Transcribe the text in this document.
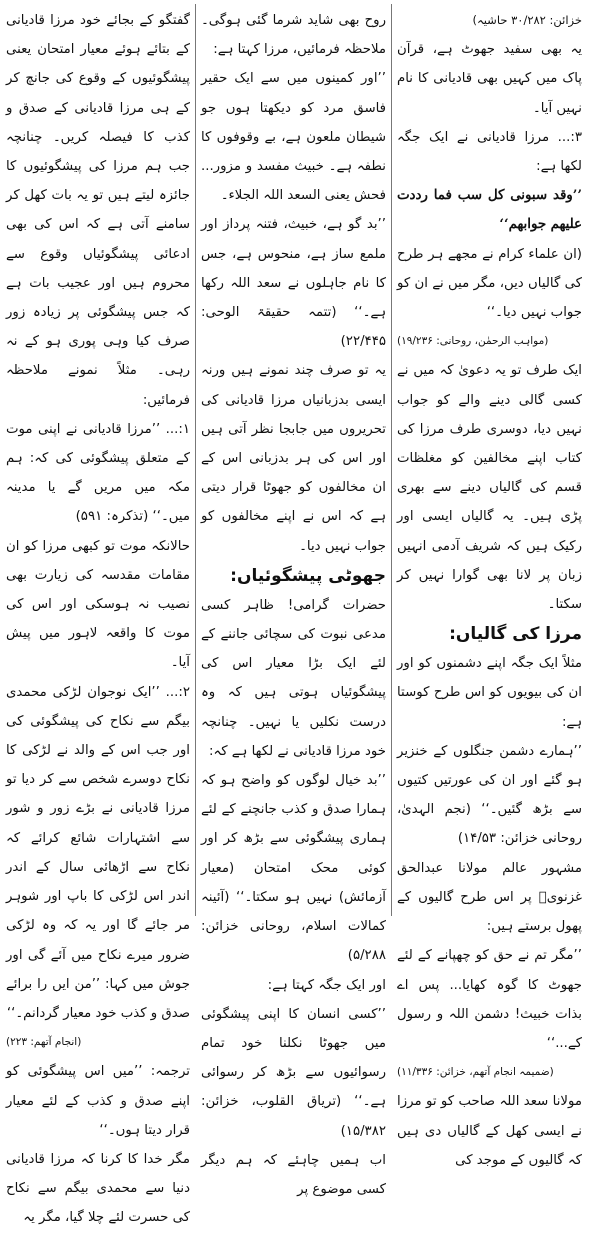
خزائن: ۳۰/۲۸۲ حاشیہ)

یہ بھی سفید جھوٹ ہے، قرآن پاک میں کہیں بھی قادیانی کا نام نہیں آیا۔

۳:... مرزا قادیانی نے ایک جگہ لکھا ہے:

’’وقد سبونی کل سب فما رددت علیھم جوابھم‘‘

(ان علماء کرام نے مجھے ہر طرح کی گالیاں دیں، مگر میں نے ان کو جواب نہیں دیا۔‘‘

(مواہب الرحمٰن، روحانی: ۱۹/۲۳۶)

ایک طرف تو یہ دعویٰ کہ میں نے کسی گالی دینے والے کو جواب نہیں دیا، دوسری طرف مرزا کی کتاب اپنے مخالفین کو مغلظات قسم کی گالیاں دینے سے بھری پڑی ہیں۔ یہ گالیاں ایسی اور رکیک ہیں کہ شریف آدمی انہیں زبان پر لانا بھی گوارا نہیں کر سکتا۔

مرزا کی گالیاں:

مثلاً ایک جگہ اپنے دشمنوں کو اور ان کی بیویوں کو اس طرح کوستا ہے:

’’ہمارے دشمن جنگلوں کے خنزیر ہو گئے اور ان کی عورتیں کتیوں سے بڑھ گئیں۔‘‘ (نجم الہدیٰ، روحانی خزائن: ۱۴/۵۳)

مشہور عالم مولانا عبدالحق غزنویؒ پر اس طرح گالیوں کے پھول برستے ہیں:

’’مگر تم نے حق کو چھپانے کے لئے جھوٹ کا گوہ کھایا... پس اے بذات خبیث! دشمن اللہ و رسول کے...‘‘

(ضمیمہ انجام آتھم، خزائن: ۱۱/۳۳۶)

مولانا سعد اللہ صاحب کو تو مرزا نے ایسی کھل کے گالیاں دی ہیں کہ گالیوں کے موجد کی

روح بھی شاید شرما گئی ہوگی۔ ملاحظہ فرمائیں، مرزا کہتا ہے:

’’اور کمینوں میں سے ایک حقیر فاسق مرد کو دیکھتا ہوں جو شیطان ملعون ہے، بے وقوفوں کا نطفہ ہے۔ خبیث مفسد و مزور... فحش یعنی السعد اللہ الجلاء۔

’’بد گو ہے، خبیث، فتنہ پرداز اور ملمع ساز ہے، منحوس ہے، جس کا نام جاہلوں نے سعد اللہ رکھا ہے۔‘‘ (تتمہ حقیقۃ الوحی: ۲۲/۴۴۵)

یہ تو صرف چند نمونے ہیں ورنہ ایسی بدزبانیاں مرزا قادیانی کی تحریروں میں جابجا نظر آتی ہیں اور اس کی ہر بدزبانی اس کے ان مخالفوں کو جھوٹا قرار دیتی ہے کہ اس نے اپنے مخالفوں کو جواب نہیں دیا۔

جھوٹی پیشگوئیاں:

حضرات گرامی! ظاہر کسی مدعی نبوت کی سچائی جاننے کے لئے ایک بڑا معیار اس کی پیشگوئیاں ہوتی ہیں کہ وہ درست نکلیں یا نہیں۔ چنانچہ خود مرزا قادیانی نے لکھا ہے کہ:

’’بد خیال لوگوں کو واضح ہو کہ ہمارا صدق و کذب جانچنے کے لئے ہماری پیشگوئی سے بڑھ کر اور کوئی محک امتحان (معیار آزمائش) نہیں ہو سکتا۔‘‘ (آئینہ کمالات اسلام، روحانی خزائن: ۵/۲۸۸)

اور ایک جگہ کہتا ہے:

’’کسی انسان کا اپنی پیشگوئی میں جھوٹا نکلنا خود تمام رسوائیوں سے بڑھ کر رسوائی ہے۔‘‘ (تریاق القلوب، خزائن: ۱۵/۳۸۲)

اب ہمیں چاہئے کہ ہم دیگر کسی موضوع پر

گفتگو کے بجائے خود مرزا قادیانی کے بتائے ہوئے معیار امتحان یعنی پیشگوئیوں کے وقوع کی جانچ کر کے ہی مرزا قادیانی کے صدق و کذب کا فیصلہ کریں۔ چنانچہ جب ہم مرزا کی پیشگوئیوں کا جائزہ لیتے ہیں تو یہ بات کھل کر سامنے آتی ہے کہ اس کی بھی ادعائی پیشگوئیاں وقوع سے محروم ہیں اور عجیب بات ہے کہ جس پیشگوئی پر زیادہ زور صرف کیا وہی پوری ہو کے نہ رہی۔ مثلاً نمونے ملاحظہ فرمائیں:

۱:... ’’مرزا قادیانی نے اپنی موت کے متعلق پیشگوئی کی کہ: ہم مکہ میں مریں گے یا مدینہ میں۔‘‘ (تذکرہ: ۵۹۱)

حالانکہ موت تو کبھی مرزا کو ان مقامات مقدسہ کی زیارت بھی نصیب نہ ہوسکی اور اس کی موت کا واقعہ لاہور میں پیش آیا۔

۲:... ’’ایک نوجوان لڑکی محمدی بیگم سے نکاح کی پیشگوئی کی اور جب اس کے والد نے لڑکی کا نکاح دوسرے شخص سے کر دیا تو مرزا قادیانی نے بڑے زور و شور سے اشتہارات شائع کرائے کہ نکاح سے اڑھائی سال کے اندر اندر اس لڑکی کا باپ اور شوہر مر جائے گا اور یہ کہ وہ لڑکی ضرور میرے نکاح میں آئے گی اور جوش میں کہا: ’’من ایں را برائے صدق و کذب خود معیار گردانم۔‘‘

(انجام آتھم: ۲۲۳)

ترجمہ: ’’میں اس پیشگوئی کو اپنے صدق و کذب کے لئے معیار قرار دیتا ہوں۔‘‘

مگر خدا کا کرنا کہ مرزا قادیانی دنیا سے محمدی بیگم سے نکاح کی حسرت لئے چلا گیا، مگر یہ
